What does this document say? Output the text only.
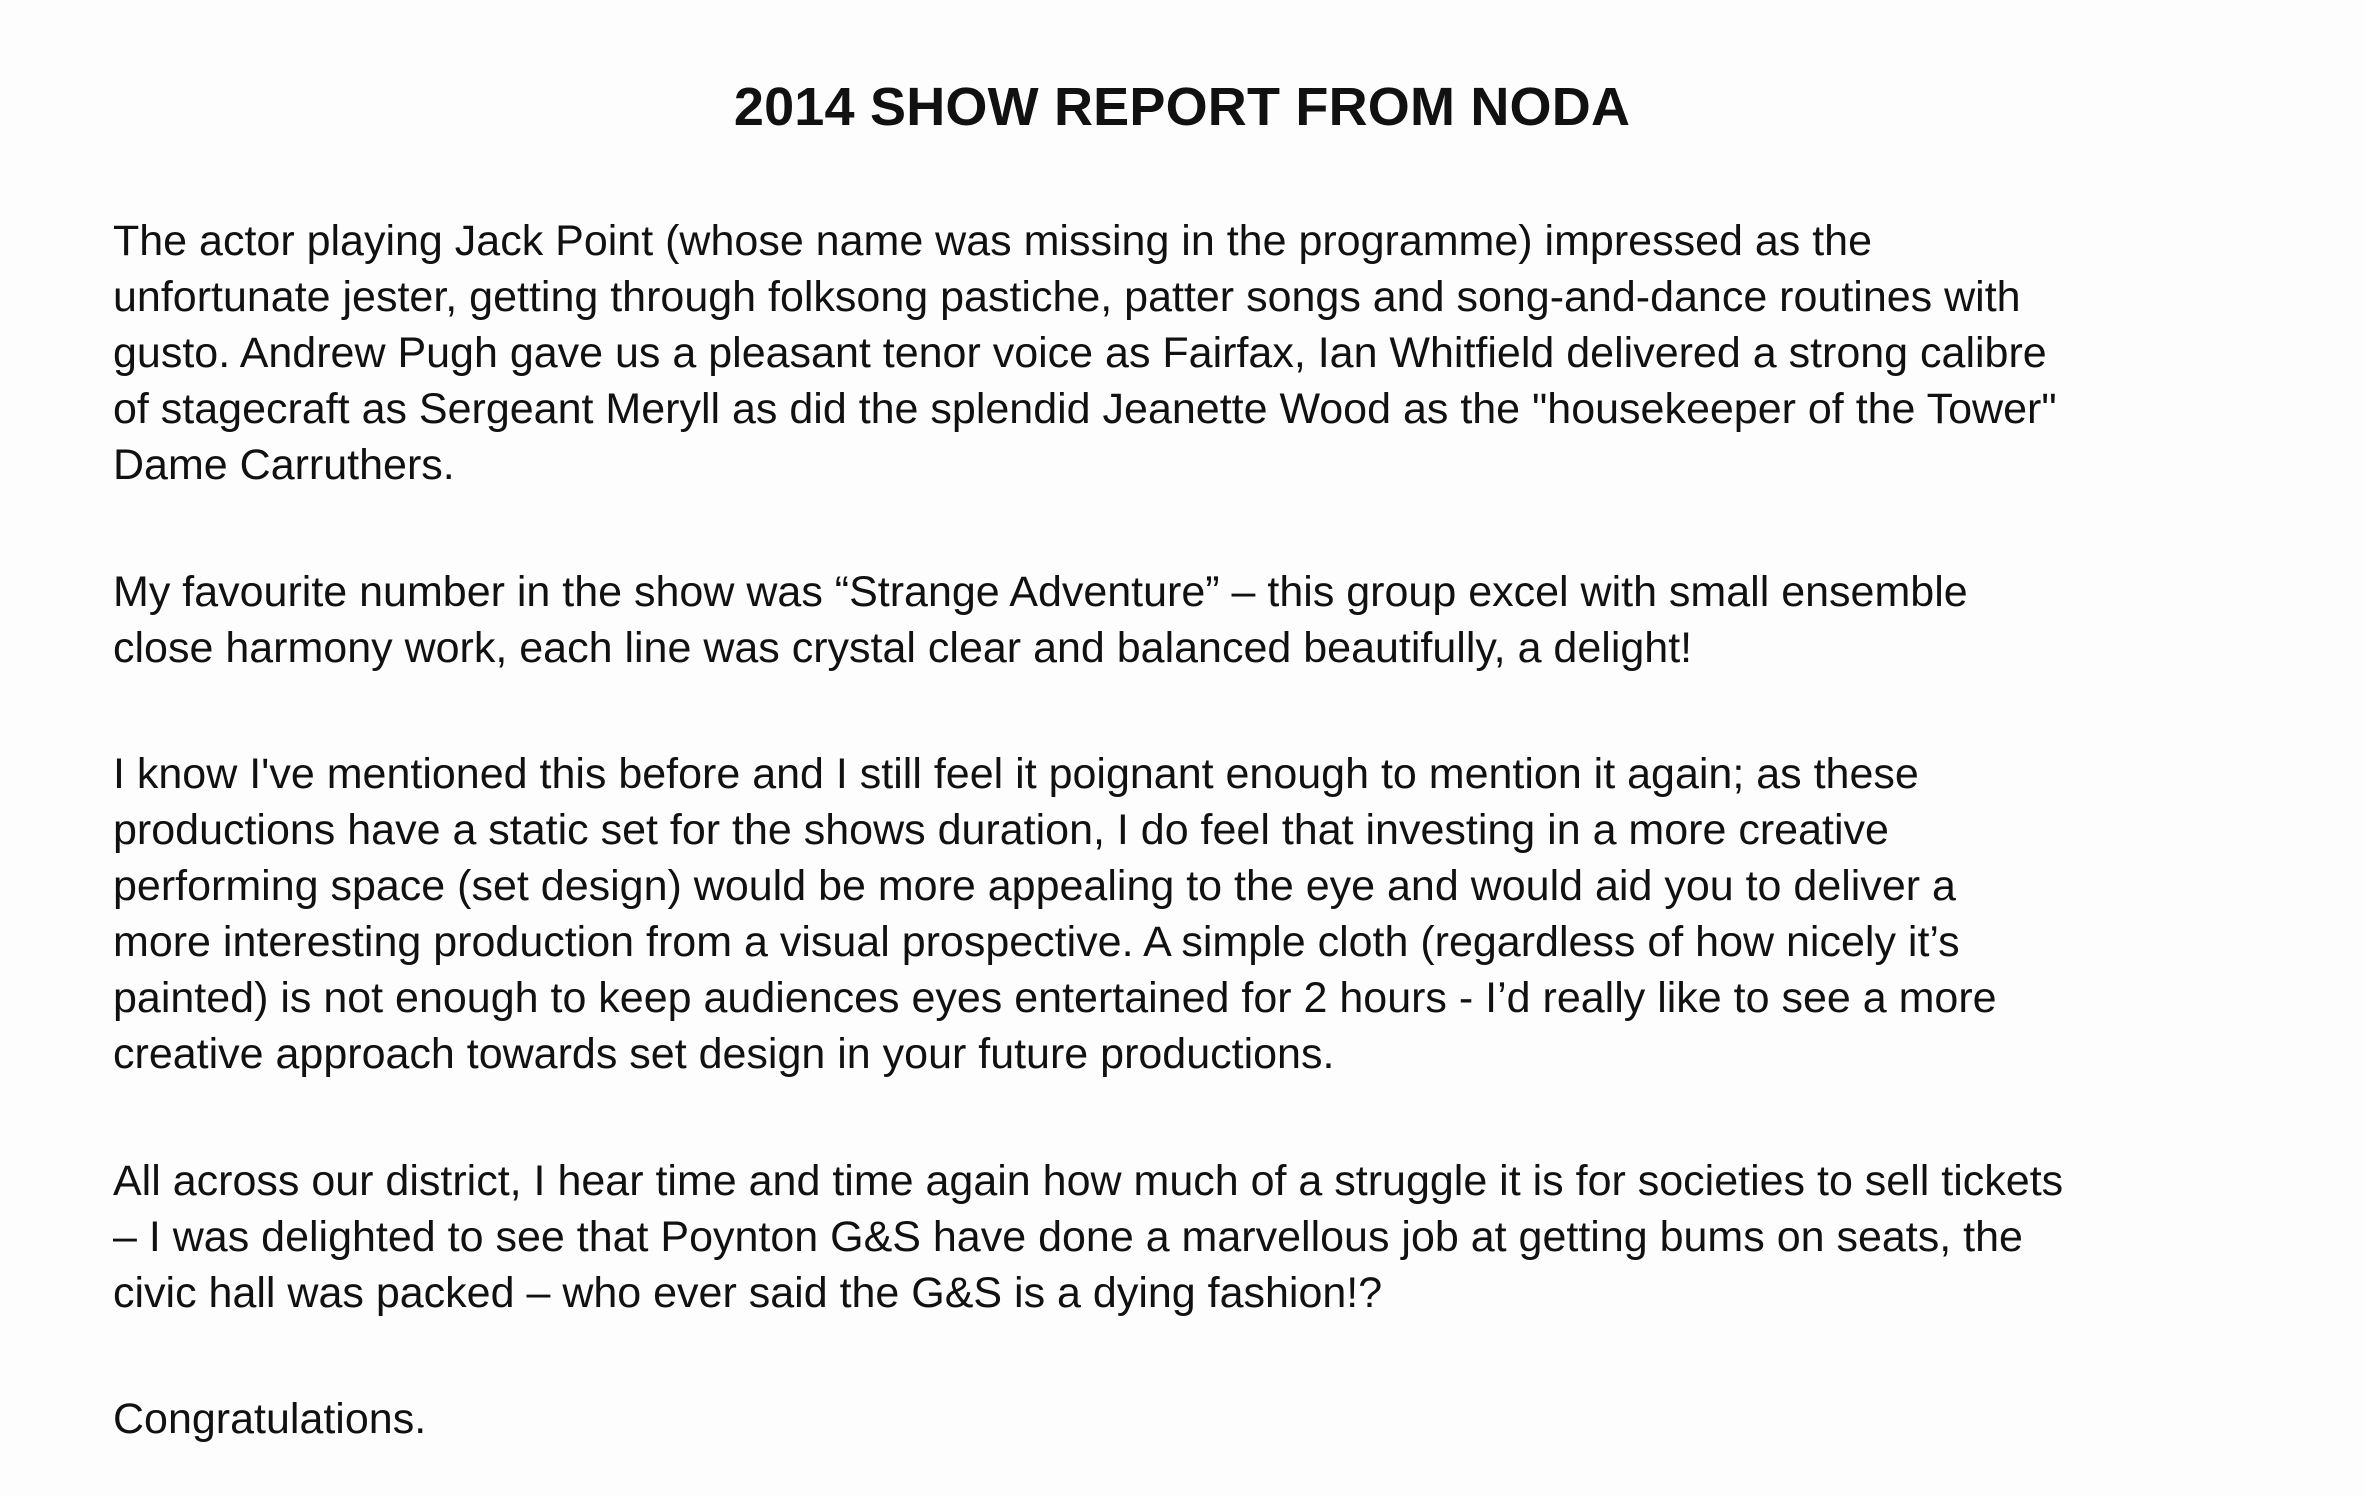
2014 SHOW REPORT FROM NODA

The actor playing Jack Point (whose name was missing in the programme) impressed as the
unfortunate jester, getting through folksong pastiche, patter songs and song-and-dance routines with
gusto. Andrew Pugh gave us a pleasant tenor voice as Fairfax, Ian Whitfield delivered a strong calibre
of stagecraft as Sergeant Meryll as did the splendid Jeanette Wood as the "housekeeper of the Tower"
Dame Carruthers.

My favourite number in the show was “Strange Adventure” – this group excel with small ensemble
close harmony work, each line was crystal clear and balanced beautifully, a delight!

I know I've mentioned this before and I still feel it poignant enough to mention it again; as these
productions have a static set for the shows duration, I do feel that investing in a more creative
performing space (set design) would be more appealing to the eye and would aid you to deliver a
more interesting production from a visual prospective. A simple cloth (regardless of how nicely it’s
painted) is not enough to keep audiences eyes entertained for 2 hours - I’d really like to see a more
creative approach towards set design in your future productions.

All across our district, I hear time and time again how much of a struggle it is for societies to sell tickets
– I was delighted to see that Poynton G&S have done a marvellous job at getting bums on seats, the
civic hall was packed – who ever said the G&S is a dying fashion!?

Congratulations.
